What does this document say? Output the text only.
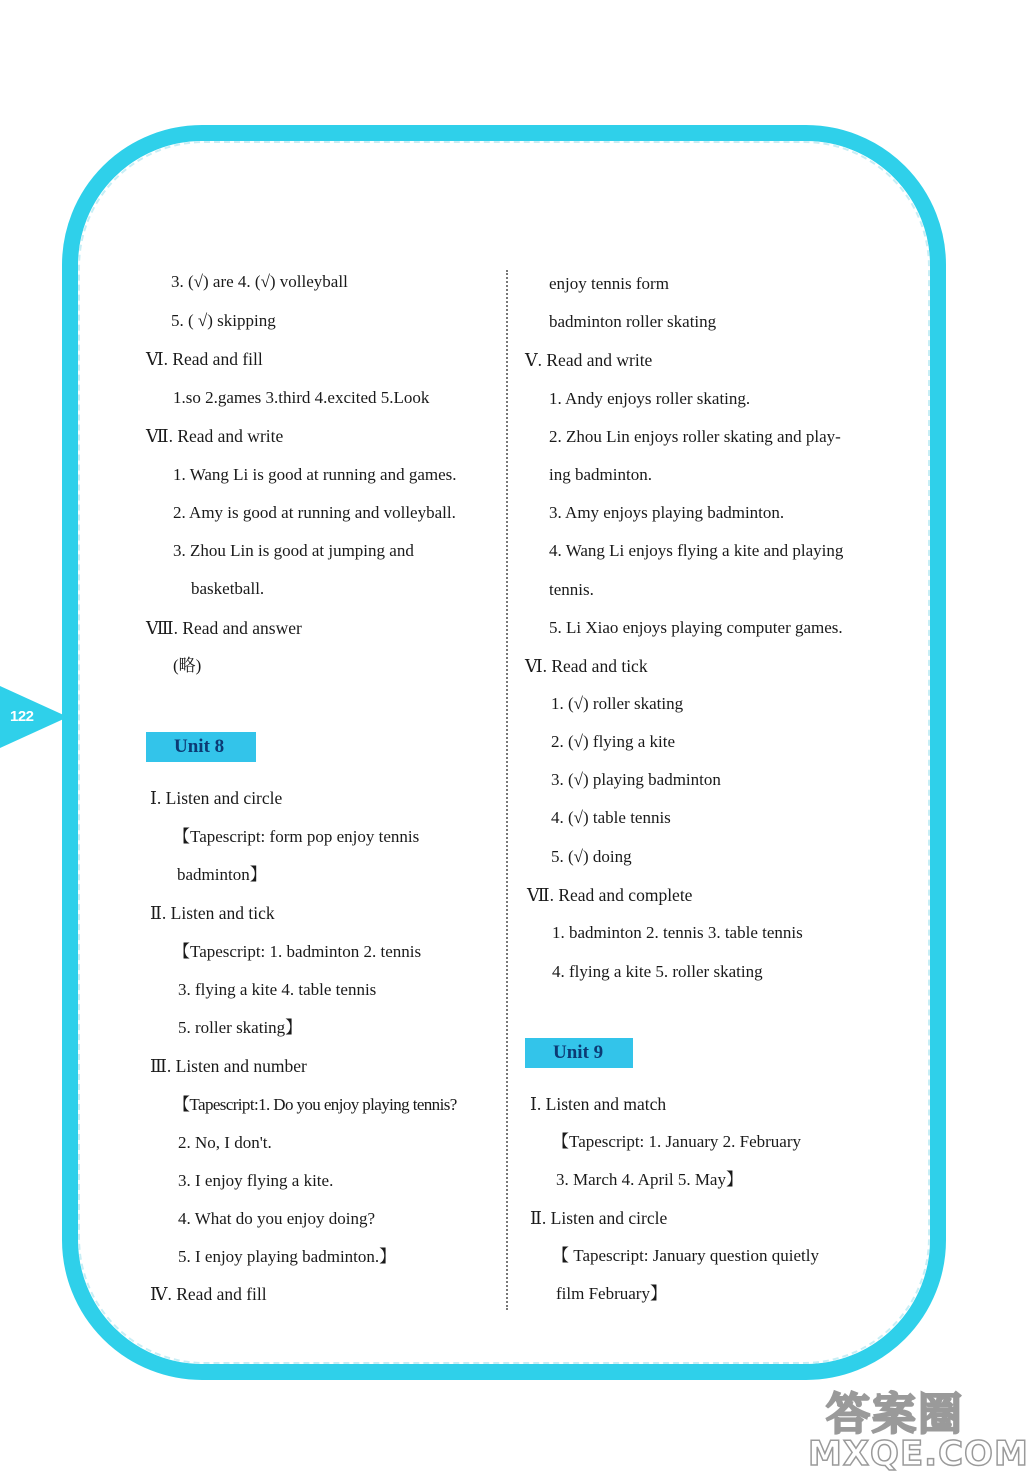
122
3. (√) are 4. (√) volleyball
5. ( √) skipping
Ⅵ. Read and fill
1.so 2.games 3.third 4.excited 5.Look
Ⅶ. Read and write
1. Wang Li is good at running and games.
2. Amy is good at running and volleyball.
3. Zhou Lin is good at jumping and
basketball.
Ⅷ. Read and answer
(略)
Unit 8
Ⅰ. Listen and circle
【Tapescript: form pop enjoy tennis
badminton】
Ⅱ. Listen and tick
【Tapescript: 1. badminton 2. tennis
3. flying a kite 4. table tennis
5. roller skating】
Ⅲ. Listen and number
【Tapescript:1. Do you enjoy playing tennis?
2. No, I don't.
3. I enjoy flying a kite.
4. What do you enjoy doing?
5. I enjoy playing badminton.】
Ⅳ. Read and fill
enjoy tennis form
badminton roller skating
Ⅴ. Read and write
1. Andy enjoys roller skating.
2. Zhou Lin enjoys roller skating and play-
ing badminton.
3. Amy enjoys playing badminton.
4. Wang Li enjoys flying a kite and playing
tennis.
5. Li Xiao enjoys playing computer games.
Ⅵ. Read and tick
1. (√) roller skating
2. (√) flying a kite
3. (√) playing badminton
4. (√) table tennis
5. (√) doing
Ⅶ. Read and complete
1. badminton 2. tennis 3. table tennis
4. flying a kite 5. roller skating
Unit 9
Ⅰ. Listen and match
【Tapescript: 1. January 2. February
3. March 4. April 5. May】
Ⅱ. Listen and circle
【 Tapescript: January question quietly
film February】
答案圈
MXQE.COM
